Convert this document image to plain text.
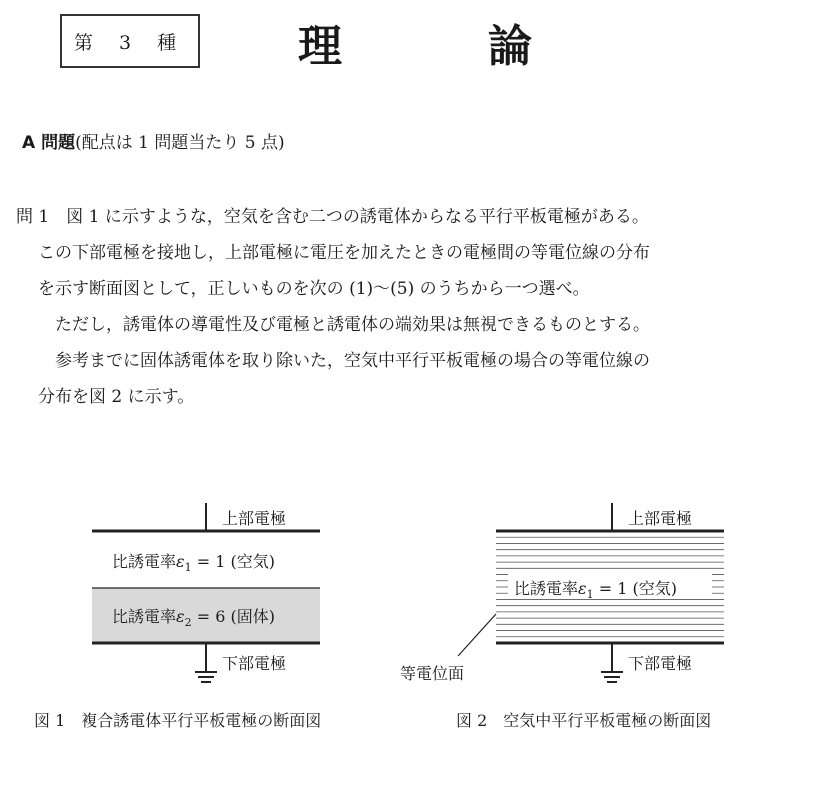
第 3 種	理	論
A 問題(配点は 1 問題当たり 5 点)
問 1　図 1 に示すような，空気を含む二つの誘電体からなる平行平板電極がある。
この下部電極を接地し，上部電極に電圧を加えたときの電極間の等電位線の分布
を示す断面図として，正しいものを次の (1)～(5) のうちから一つ選べ。
　ただし，誘電体の導電性及び電極と誘電体の端効果は無視できるものとする。
　参考までに固体誘電体を取り除いた，空気中平行平板電極の場合の等電位線の
分布を図 2 に示す。
上部電極
下部電極
比誘電率$\varepsilon_1 = 1$ (空気)
比誘電率$\varepsilon_2 = 6$ (固体)
図 1　複合誘電体平行平板電極の断面図
上部電極
下部電極
比誘電率$\varepsilon_1 = 1$ (空気)
等電位面
図 2　空気中平行平板電極の断面図
